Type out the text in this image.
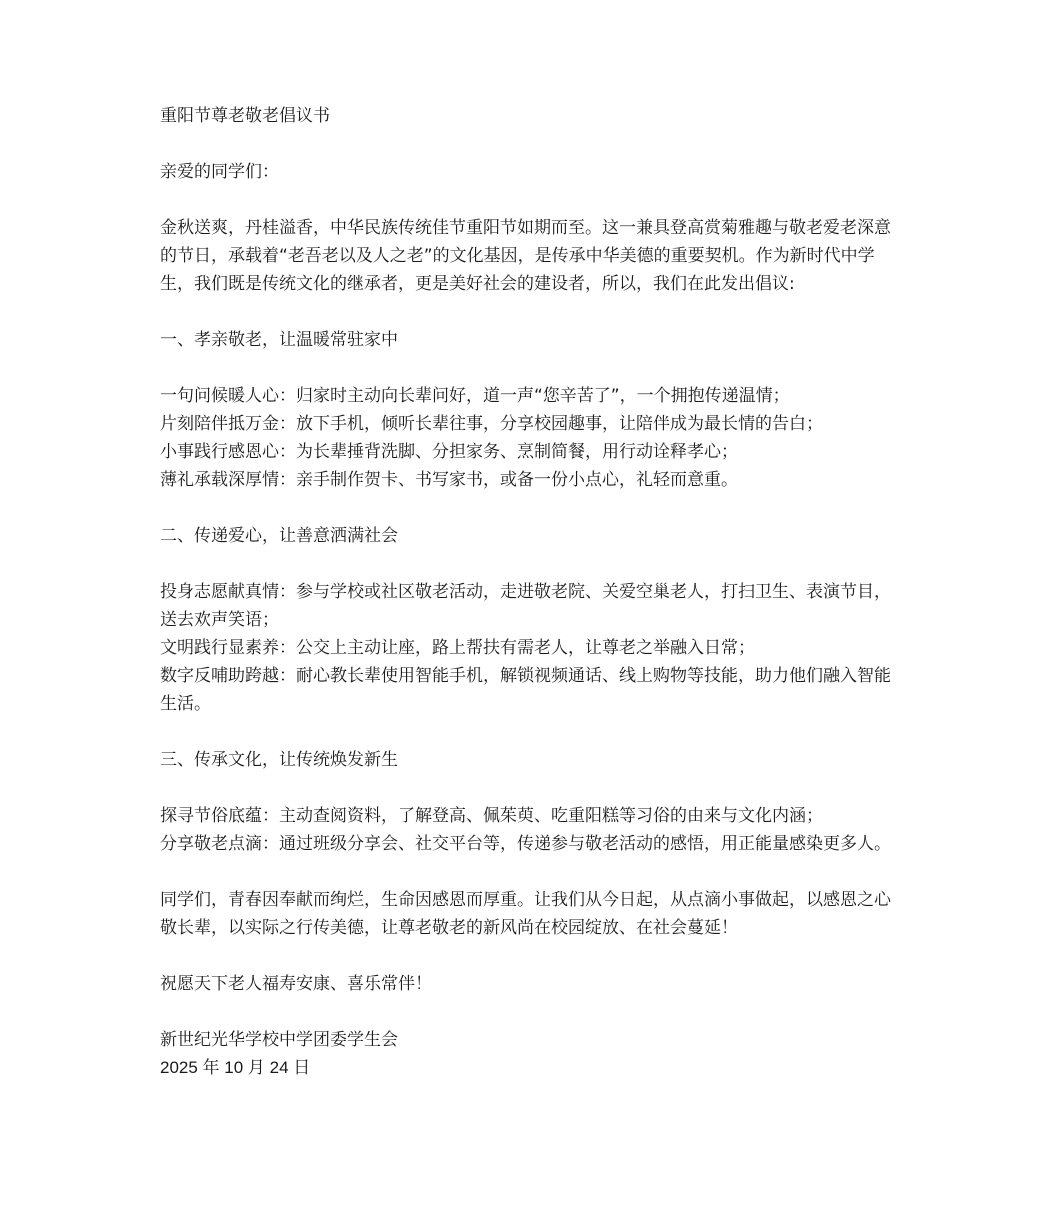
重阳节尊老敬老倡议书

亲爱的同学们：

金秋送爽，丹桂溢香，中华民族传统佳节重阳节如期而至。这一兼具登高赏菊雅趣与敬老爱老深意的节日，承载着“老吾老以及人之老”的文化基因，是传承中华美德的重要契机。作为新时代中学生，我们既是传统文化的继承者，更是美好社会的建设者，所以，我们在此发出倡议:

一、孝亲敬老，让温暖常驻家中

一句问候暖人心：归家时主动向长辈问好，道一声“您辛苦了”，一个拥抱传递温情；

片刻陪伴抵万金：放下手机，倾听长辈往事，分享校园趣事，让陪伴成为最长情的告白；

小事践行感恩心：为长辈捶背洗脚、分担家务、烹制简餐，用行动诠释孝心；

薄礼承载深厚情：亲手制作贺卡、书写家书，或备一份小点心，礼轻而意重。

二、传递爱心，让善意洒满社会

投身志愿献真情：参与学校或社区敬老活动，走进敬老院、关爱空巢老人，打扫卫生、表演节目，送去欢声笑语；

文明践行显素养：公交上主动让座，路上帮扶有需老人，让尊老之举融入日常；

数字反哺助跨越：耐心教长辈使用智能手机，解锁视频通话、线上购物等技能，助力他们融入智能生活。

三、传承文化，让传统焕发新生

探寻节俗底蕴：主动查阅资料，了解登高、佩茱萸、吃重阳糕等习俗的由来与文化内涵；

分享敬老点滴：通过班级分享会、社交平台等，传递参与敬老活动的感悟，用正能量感染更多人。

同学们，青春因奉献而绚烂，生命因感恩而厚重。让我们从今日起，从点滴小事做起，以感恩之心敬长辈，以实际之行传美德，让尊老敬老的新风尚在校园绽放、在社会蔓延！

祝愿天下老人福寿安康、喜乐常伴！

新世纪光华学校中学团委学生会

2025 年 10 月 24 日
